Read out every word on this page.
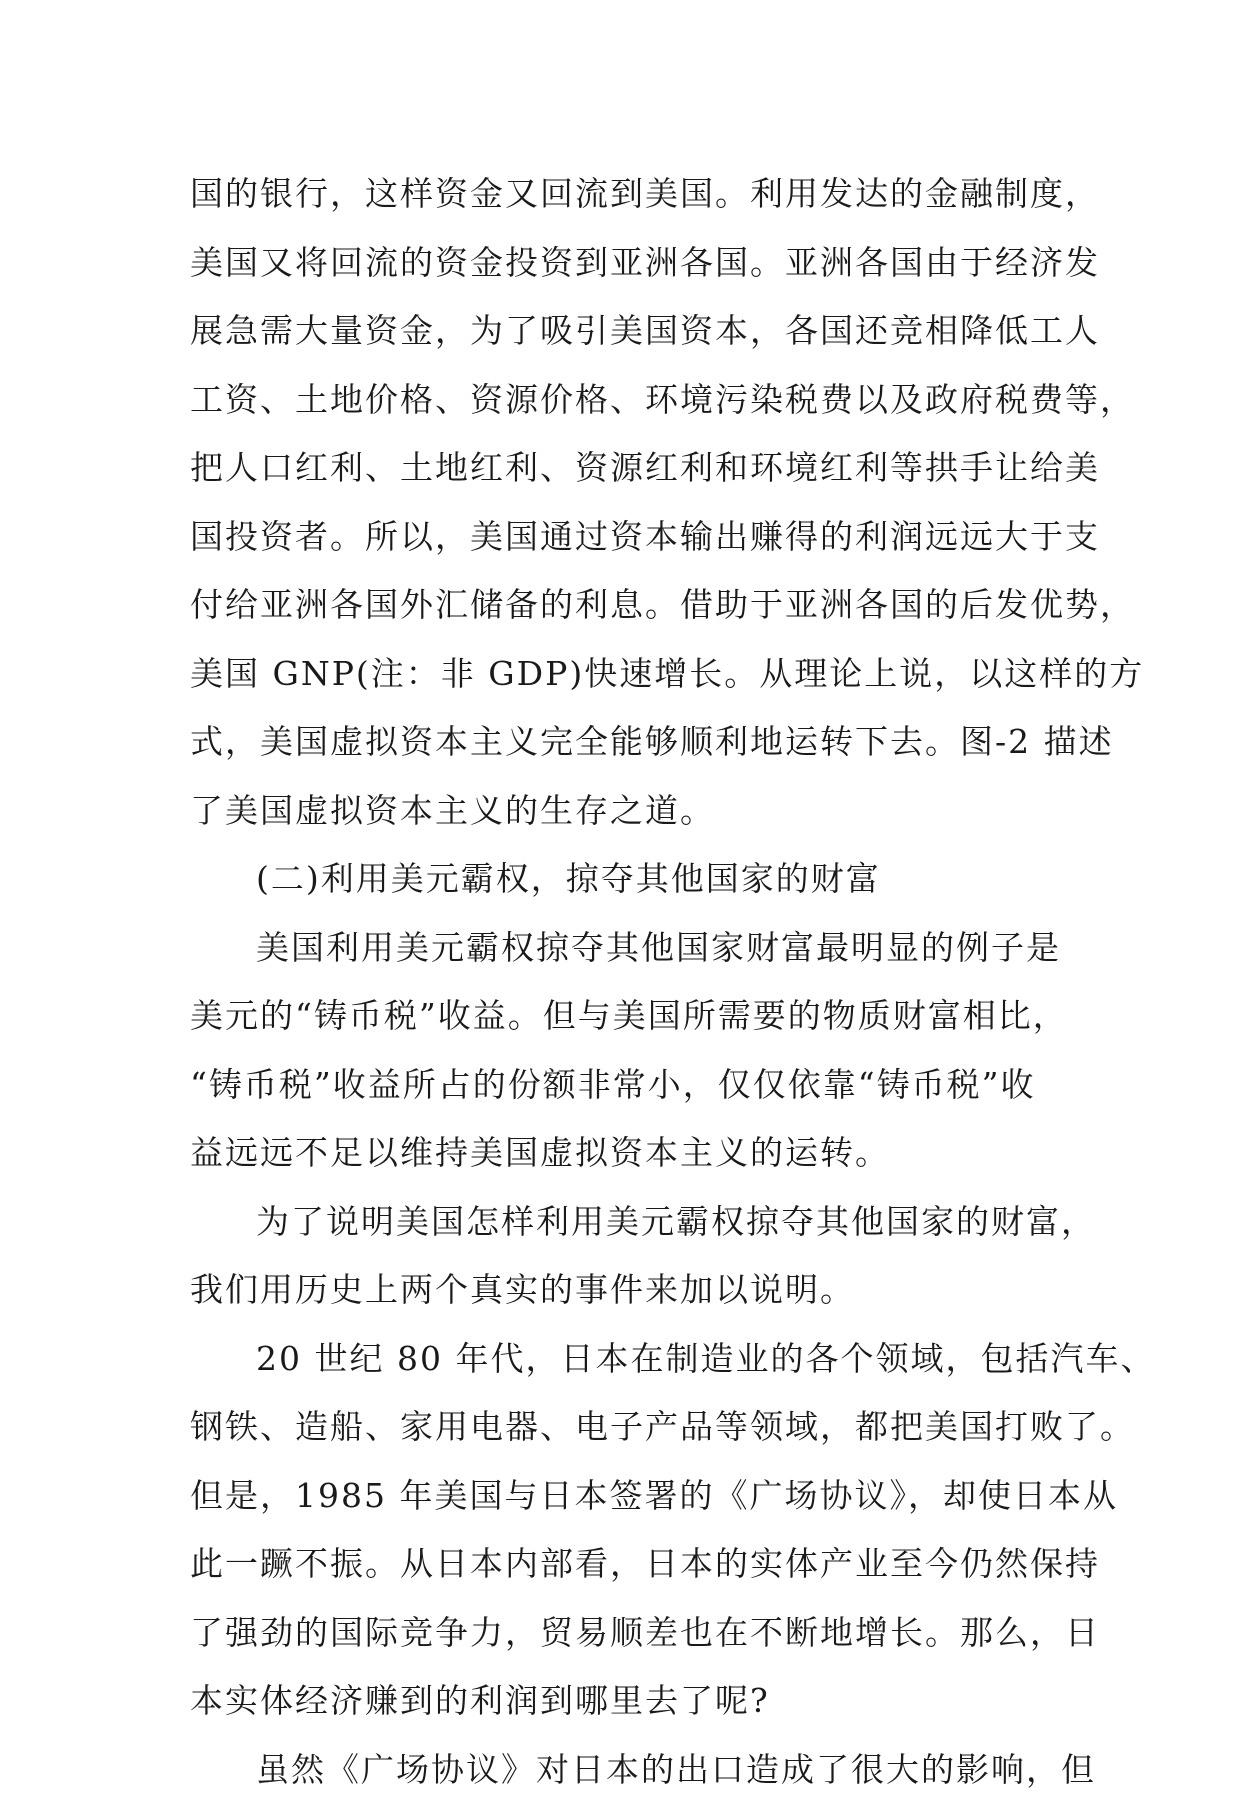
国的银行，这样资金又回流到美国。利用发达的金融制度，
美国又将回流的资金投资到亚洲各国。亚洲各国由于经济发
展急需大量资金，为了吸引美国资本，各国还竞相降低工人
工资、土地价格、资源价格、环境污染税费以及政府税费等，
把人口红利、土地红利、资源红利和环境红利等拱手让给美
国投资者。所以，美国通过资本输出赚得的利润远远大于支
付给亚洲各国外汇储备的利息。借助于亚洲各国的后发优势，
美国 GNP(注：非 GDP)快速增长。从理论上说，以这样的方
式，美国虚拟资本主义完全能够顺利地运转下去。图-2 描述
了美国虚拟资本主义的生存之道。
(二)利用美元霸权，掠夺其他国家的财富
美国利用美元霸权掠夺其他国家财富最明显的例子是
美元的“铸币税”收益。但与美国所需要的物质财富相比，
“铸币税”收益所占的份额非常小，仅仅依靠“铸币税”收
益远远不足以维持美国虚拟资本主义的运转。
为了说明美国怎样利用美元霸权掠夺其他国家的财富，
我们用历史上两个真实的事件来加以说明。
20 世纪 80 年代，日本在制造业的各个领域，包括汽车、
钢铁、造船、家用电器、电子产品等领域，都把美国打败了。
但是，1985 年美国与日本签署的《广场协议》，却使日本从
此一蹶不振。从日本内部看，日本的实体产业至今仍然保持
了强劲的国际竞争力，贸易顺差也在不断地增长。那么，日
本实体经济赚到的利润到哪里去了呢?
虽然《广场协议》对日本的出口造成了很大的影响，但
